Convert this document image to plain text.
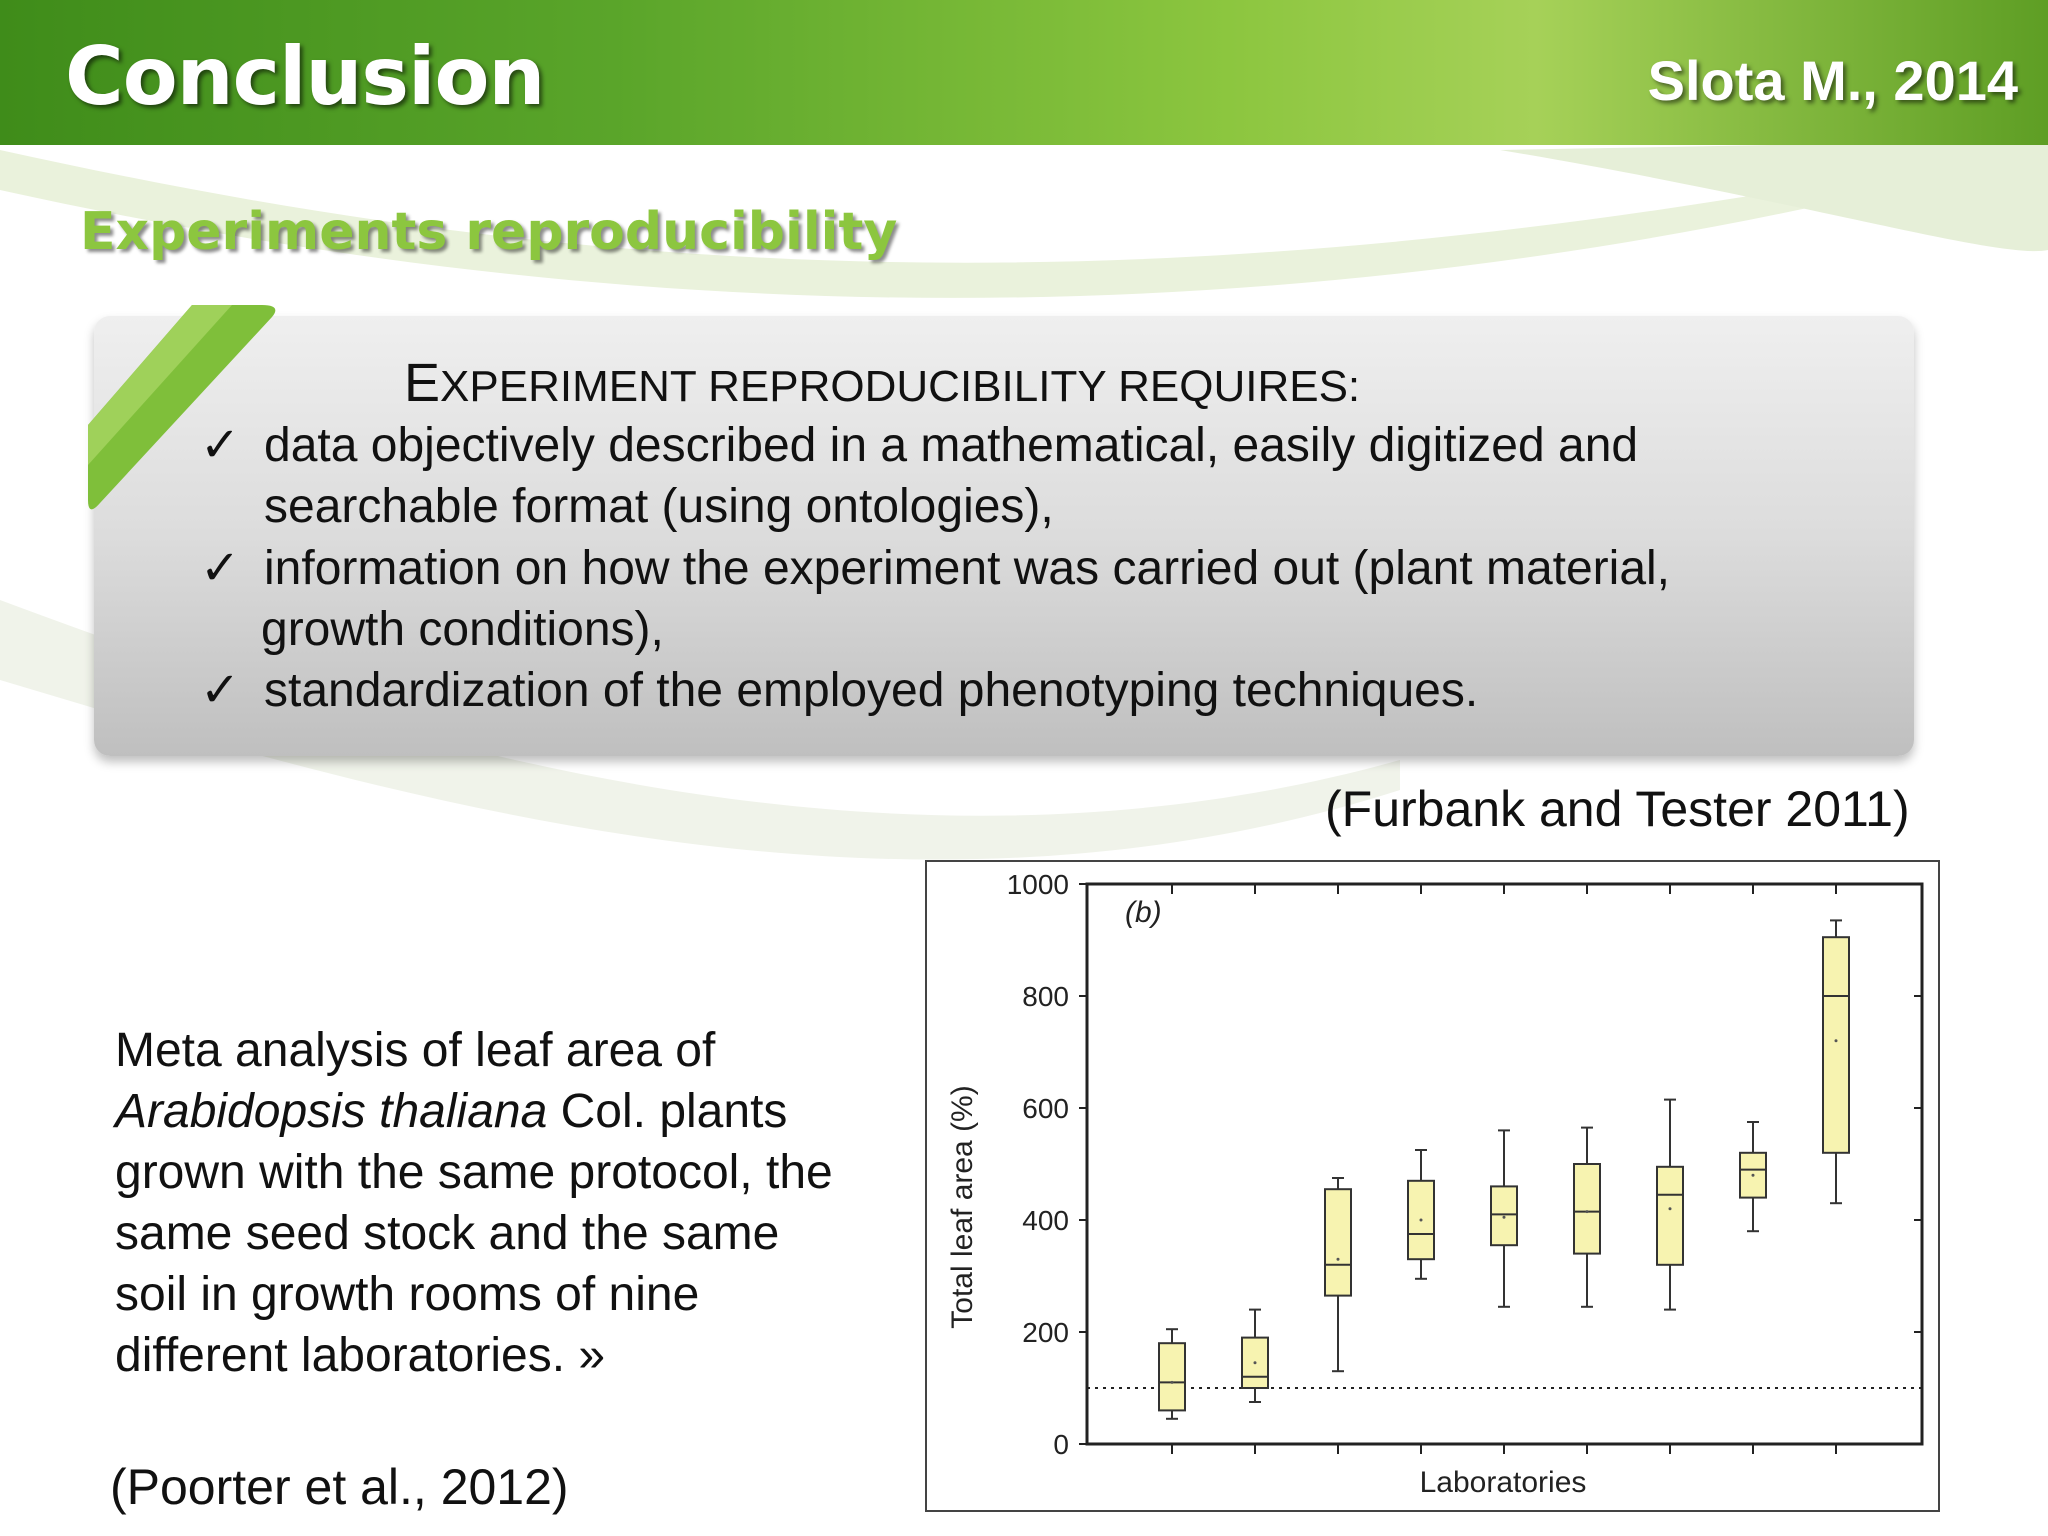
Conclusion	Slota M., 2014
Experiments reproducibility
EXPERIMENT REPRODUCIBILITY REQUIRES:
✓ data objectively described in a mathematical, easily digitized and
searchable format (using ontologies),
✓ information on how the experiment was carried out (plant material,
growth conditions),
✓ standardization of the employed phenotyping techniques.
(Furbank and Tester 2011)
Meta analysis of leaf area of
Arabidopsis thaliana Col. plants
grown with the same protocol, the
same seed stock and the same
soil in growth rooms of nine
different laboratories. »
(Poorter et al., 2012)
Total leaf area (%)
Laboratories
(b)
0
200
400
600
800
1000
